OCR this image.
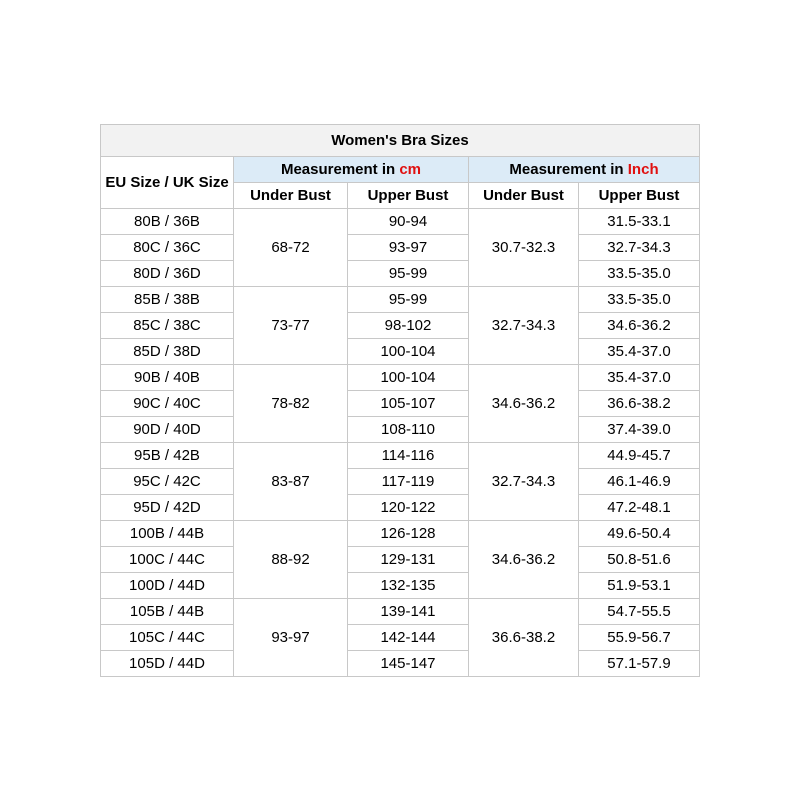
Women's Bra Sizes				
EU Size / UK Size	Measurement in cm		Measurement in Inch	
	Under Bust	Upper Bust	Under Bust	Upper Bust
80B / 36B	68-72	90-94	30.7-32.3	31.5-33.1
80C / 36C		93-97		32.7-34.3
80D / 36D		95-99		33.5-35.0
85B / 38B	73-77	95-99	32.7-34.3	33.5-35.0
85C / 38C		98-102		34.6-36.2
85D / 38D		100-104		35.4-37.0
90B / 40B	78-82	100-104	34.6-36.2	35.4-37.0
90C / 40C		105-107		36.6-38.2
90D / 40D		108-110		37.4-39.0
95B / 42B	83-87	114-116	32.7-34.3	44.9-45.7
95C / 42C		117-119		46.1-46.9
95D / 42D		120-122		47.2-48.1
100B / 44B	88-92	126-128	34.6-36.2	49.6-50.4
100C / 44C		129-131		50.8-51.6
100D / 44D		132-135		51.9-53.1
105B / 44B	93-97	139-141	36.6-38.2	54.7-55.5
105C / 44C		142-144		55.9-56.7
105D / 44D		145-147		57.1-57.9
